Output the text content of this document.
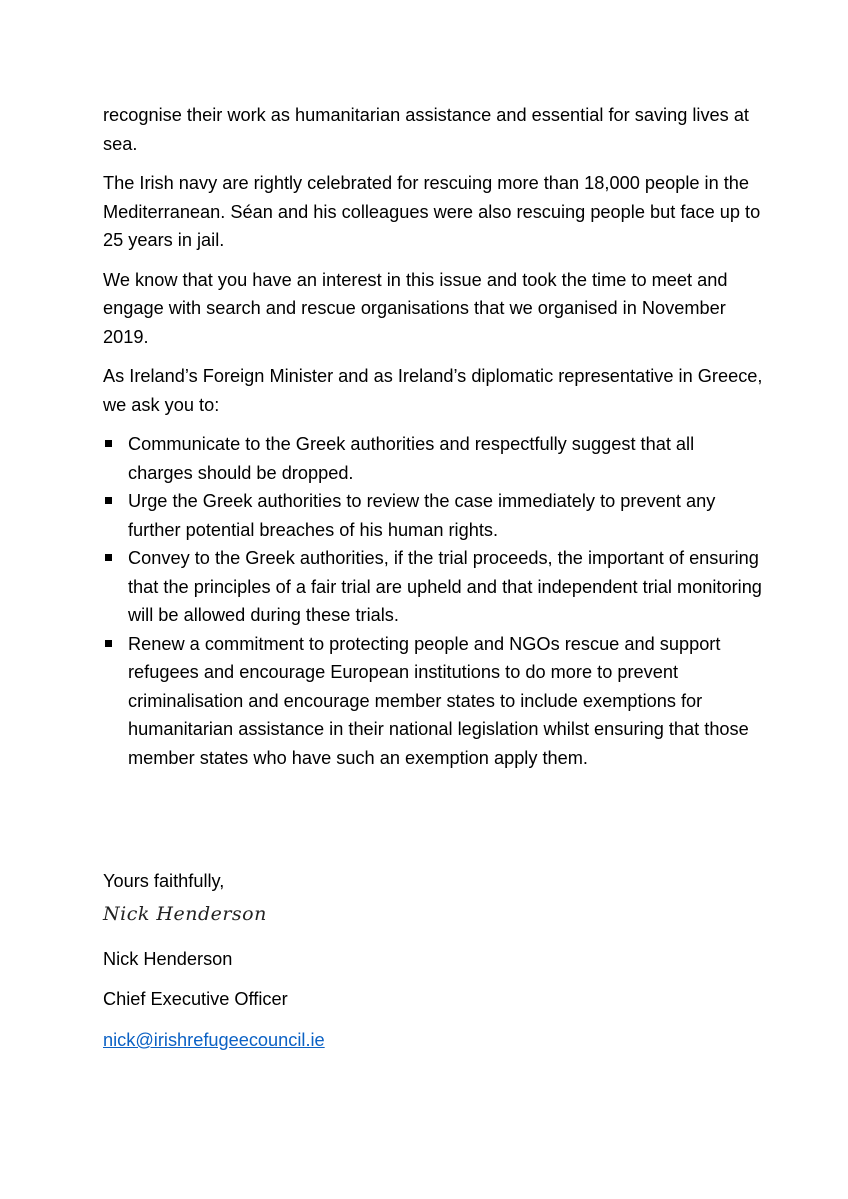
recognise their work as humanitarian assistance and essential for saving lives at sea.

The Irish navy are rightly celebrated for rescuing more than 18,000 people in the Mediterranean. Séan and his colleagues were also rescuing people but face up to 25 years in jail.

We know that you have an interest in this issue and took the time to meet and engage with search and rescue organisations that we organised in November 2019.

As Ireland’s Foreign Minister and as Ireland’s diplomatic representative in Greece, we ask you to:

Communicate to the Greek authorities and respectfully suggest that all charges should be dropped.
Urge the Greek authorities to review the case immediately to prevent any further potential breaches of his human rights.
Convey to the Greek authorities, if the trial proceeds, the important of ensuring that the principles of a fair trial are upheld and that independent trial monitoring will be allowed during these trials.
Renew a commitment to protecting people and NGOs rescue and support refugees and encourage European institutions to do more to prevent criminalisation and encourage member states to include exemptions for humanitarian assistance in their national legislation whilst ensuring that those member states who have such an exemption apply them.
Yours faithfully,
Nick Henderson
Nick Henderson
Chief Executive Officer
nick@irishrefugeecouncil.ie
